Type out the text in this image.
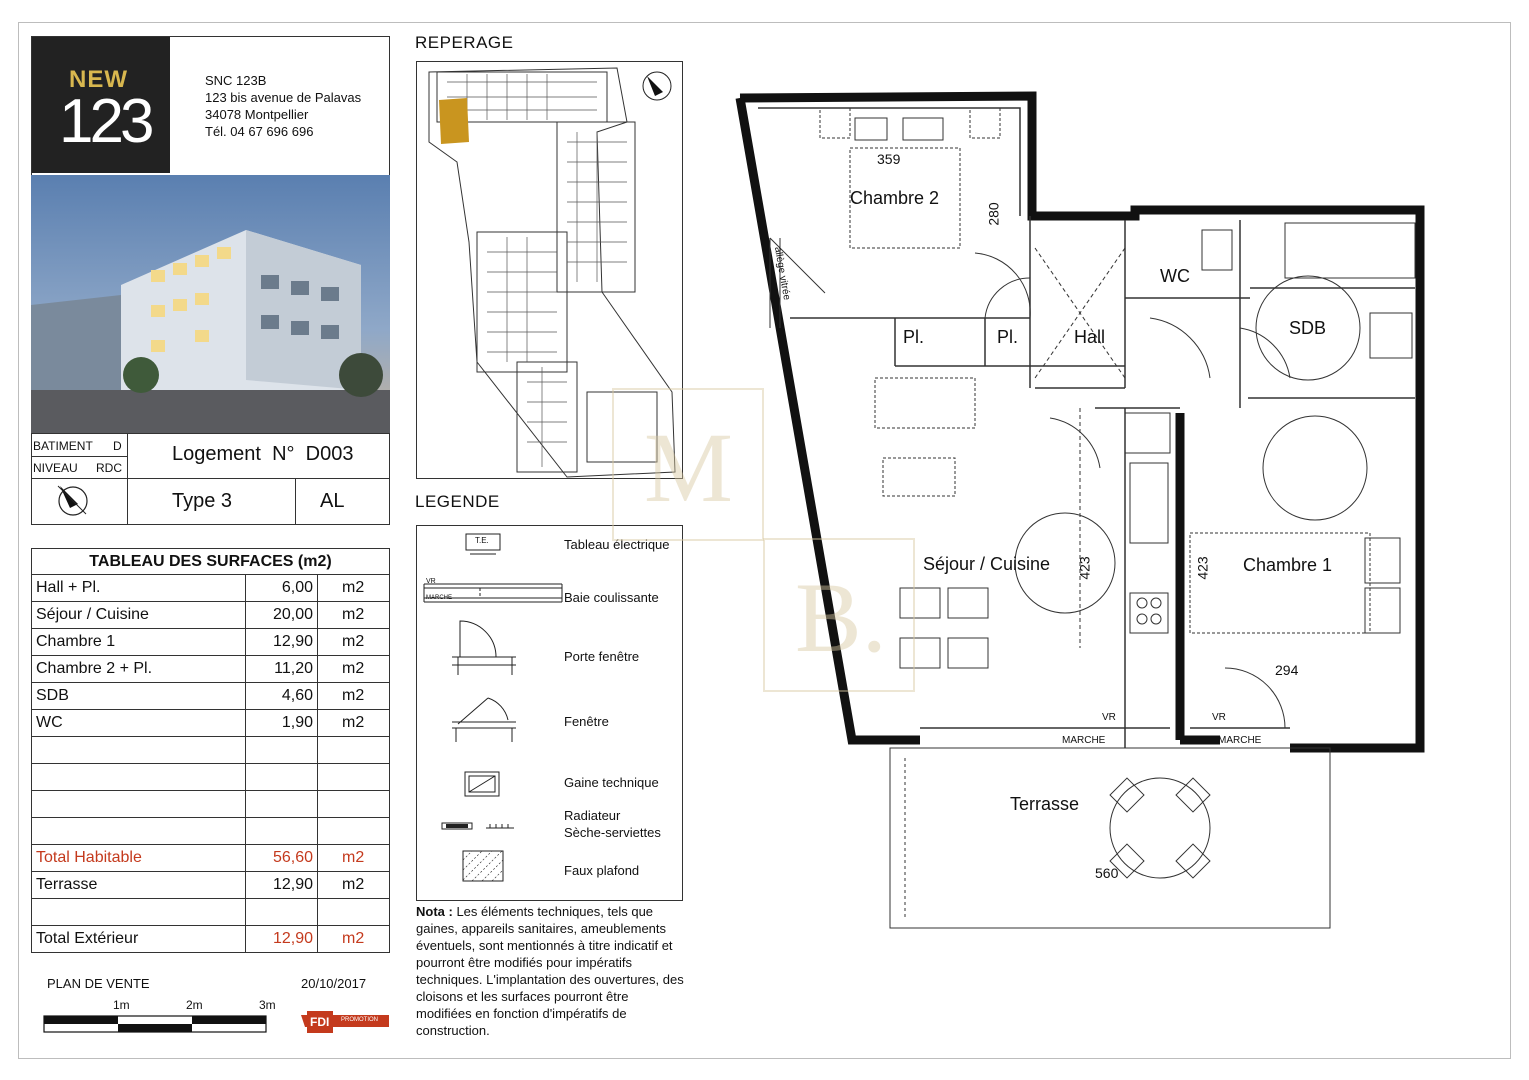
NEW
123
SNC 123B
123 bis avenue de Palavas
34078 Montpellier
Tél. 04 67 696 696
BATIMENT D
NIVEAU RDC
Logement  N°  D003
Type 3	AL
TABLEAU DES SURFACES (m2)		
Hall + Pl.	6,00	m2
Séjour / Cuisine	20,00	m2
Chambre 1	12,90	m2
Chambre 2 + Pl.	11,20	m2
SDB	4,60	m2
WC	1,90	m2

Total Habitable	56,60	m2
Terrasse	12,90	m2

Total Extérieur	12,90	m2
PLAN DE VENTE	20/10/2017
1m	2m	3m
FDI PROMOTION
REPERAGE
LEGENDE
T.E.	Tableau électrique
VR
MARCHE	Baie coulissante
Porte fenêtre
Fenêtre
Gaine technique
Radiateur
Sèche-serviettes
Faux plafond
Nota : Les éléments techniques, tels que gaines, appareils sanitaires, ameublements éventuels, sont mentionnés à titre indicatif et pourront être modifiés pour impératifs techniques. L'implantation des ouvertures, des cloisons et les surfaces pourront être modifiées en fonction d'impératifs de construction.
Chambre 2
Chambre 1
Séjour / Cuisine
Hall
WC
SDB
Pl.	Pl.
Terrasse
359
280
423	423
294
560
allège vitrée
VR	VR
MARCHE	MARCHE
M
B.
